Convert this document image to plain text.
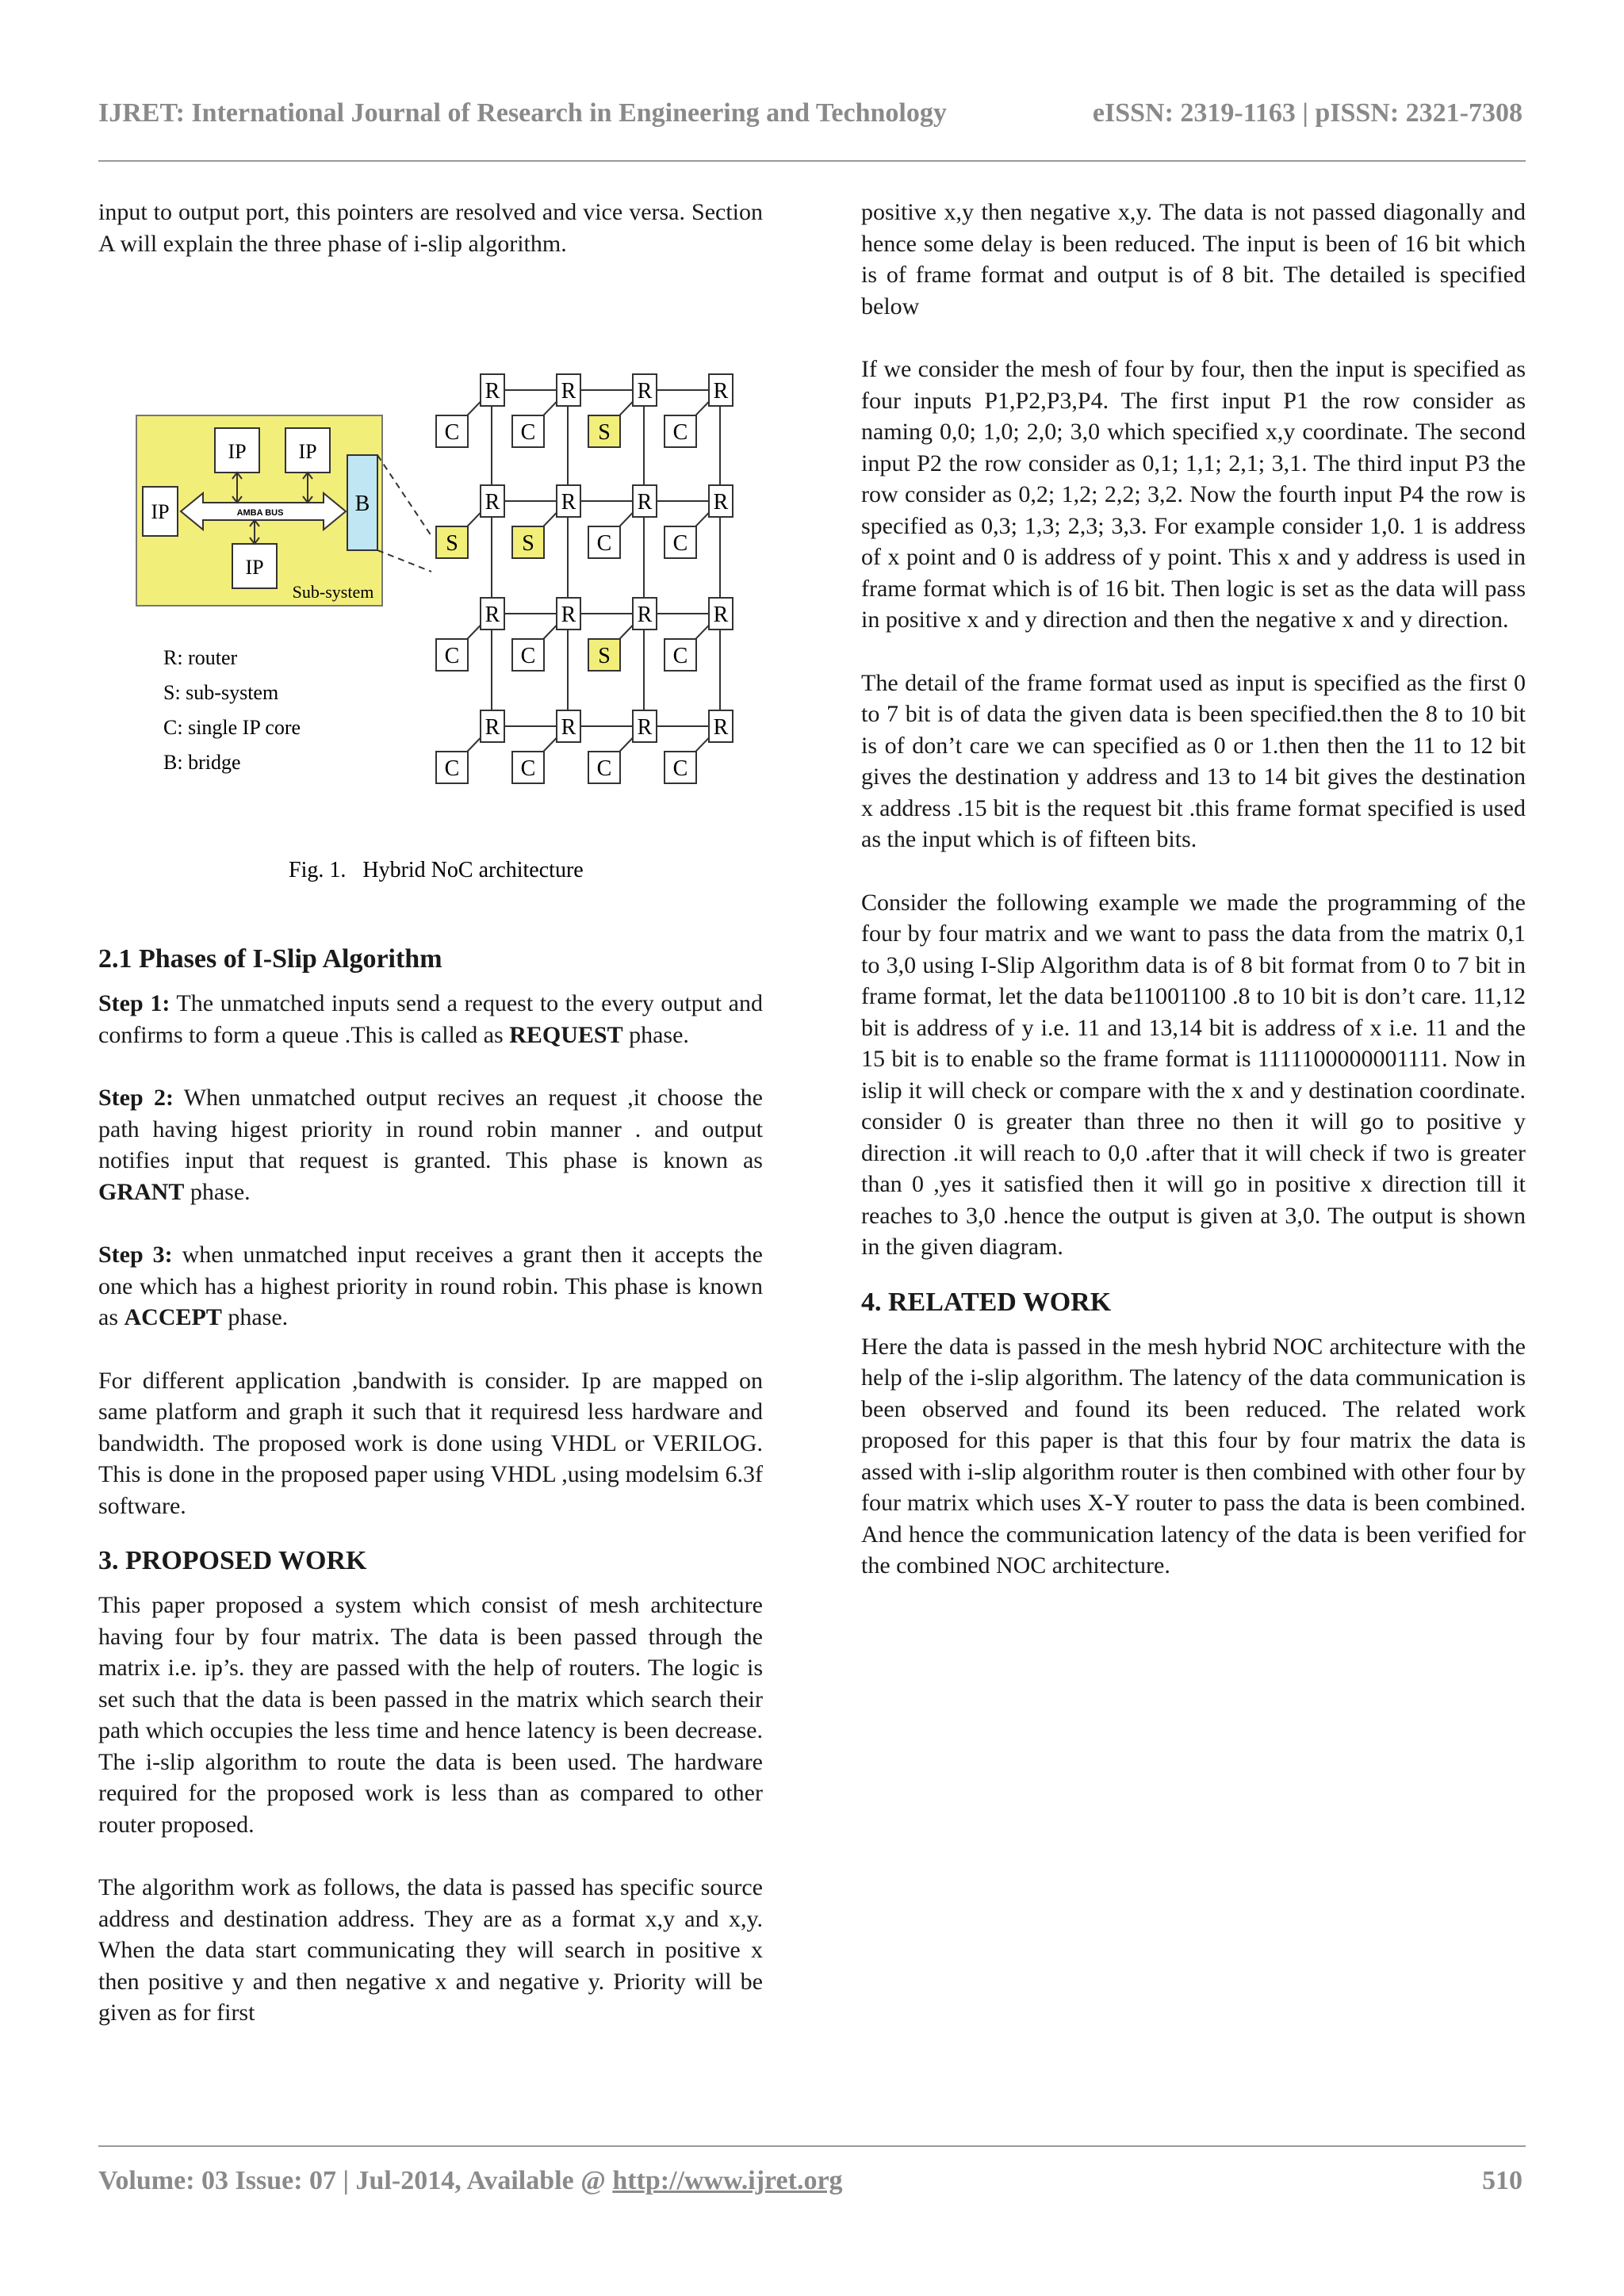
IJRET: International Journal of Research in Engineering and Technology	eISSN: 2319-1163 | pISSN: 2321-7308

input to output port, this pointers are resolved and vice versa. Section A will explain the three phase of i-slip algorithm.

IP	IP
IP
IP
AMBA BUS	B
Sub-system
R	R	R	R
C	C	S	C
R	R	R	R
S	S	C	C
R	R	R	R
C	C	S	C
R	R	R	R
C	C	C	C
R: router
S: sub-system
C: single IP core
B: bridge
Fig. 1.   Hybrid NoC architecture
2.1 Phases of I-Slip Algorithm

Step 1: The unmatched inputs send a request to the every output and confirms to form a queue .This is called as REQUEST phase.

Step 2: When unmatched output recives an request ,it choose the path having higest priority in round robin manner . and output notifies input that request is granted. This phase is known as GRANT phase.

Step 3: when unmatched input receives a grant then it accepts the one which has a highest priority in round robin. This phase is known as ACCEPT phase.

For different application ,bandwith is consider. Ip are mapped on same platform and graph it such that it requiresd less hardware and bandwidth. The proposed work is done using VHDL or VERILOG. This is done in the proposed paper using VHDL ,using modelsim 6.3f software.

3. PROPOSED WORK

This paper proposed a system which consist of mesh architecture having four by four matrix. The data is been passed through the matrix i.e. ip’s. they are passed with the help of routers. The logic is set such that the data is been passed in the matrix which search their path which occupies the less time and hence latency is been decrease. The i-slip algorithm to route the data is been used. The hardware required for the proposed work is less than as compared to other router proposed.

The algorithm work as follows, the data is passed has specific source address and destination address. They are as a format x,y and x,y. When the data start communicating they will search in positive x then positive y and then negative x and negative y. Priority will be given as for first

positive x,y then negative x,y. The data is not passed diagonally and hence some delay is been reduced. The input is been of 16 bit which is of frame format and output is of 8 bit. The detailed is specified below

If we consider the mesh of four by four, then the input is specified as four inputs P1,P2,P3,P4. The first input P1 the row consider as naming 0,0; 1,0; 2,0; 3,0 which specified x,y coordinate. The second input P2 the row consider as 0,1; 1,1; 2,1; 3,1. The third input P3 the row consider as 0,2; 1,2; 2,2; 3,2. Now the fourth input P4 the row is specified as 0,3; 1,3; 2,3; 3,3. For example consider 1,0. 1 is address of x point and 0 is address of y point. This x and y address is used in frame format which is of 16 bit. Then logic is set as the data will pass in positive x and y direction and then the negative x and y direction.

The detail of the frame format used as input is specified as the first 0 to 7 bit is of data the given data is been specified.then the 8 to 10 bit is of don’t care we can specified as 0 or 1.then then the 11 to 12 bit gives the destination y address and 13 to 14 bit gives the destination x address .15 bit is the request bit .this frame format specified is used as the input which is of fifteen bits.

Consider the following example we made the programming of the four by four matrix and we want to pass the data from the matrix 0,1 to 3,0 using I-Slip Algorithm data is of 8 bit format from 0 to 7 bit in frame format, let the data be11001100 .8 to 10 bit is don’t care. 11,12 bit is address of y i.e. 11 and 13,14 bit is address of x i.e. 11 and the 15 bit is to enable so the frame format is 1111100000001111. Now in islip it will check or compare with the x and y destination coordinate. consider 0 is greater than three no then it will go to positive y direction .it will reach to 0,0 .after that it will check if two is greater than 0 ,yes it satisfied then it will go in positive x direction till it reaches to 3,0 .hence the output is given at 3,0. The output is shown in the given diagram.

4. RELATED WORK

Here the data is passed in the mesh hybrid NOC architecture with the help of the i-slip algorithm. The latency of the data communication is been observed and found its been reduced. The related work proposed for this paper is that this four by four matrix the data is assed with i-slip algorithm router is then combined with other four by four matrix which uses X-Y router to pass the data is been combined. And hence the communication latency of the data is been verified for the combined NOC architecture.

Volume: 03 Issue: 07 | Jul-2014, Available @ http://www.ijret.org	510
